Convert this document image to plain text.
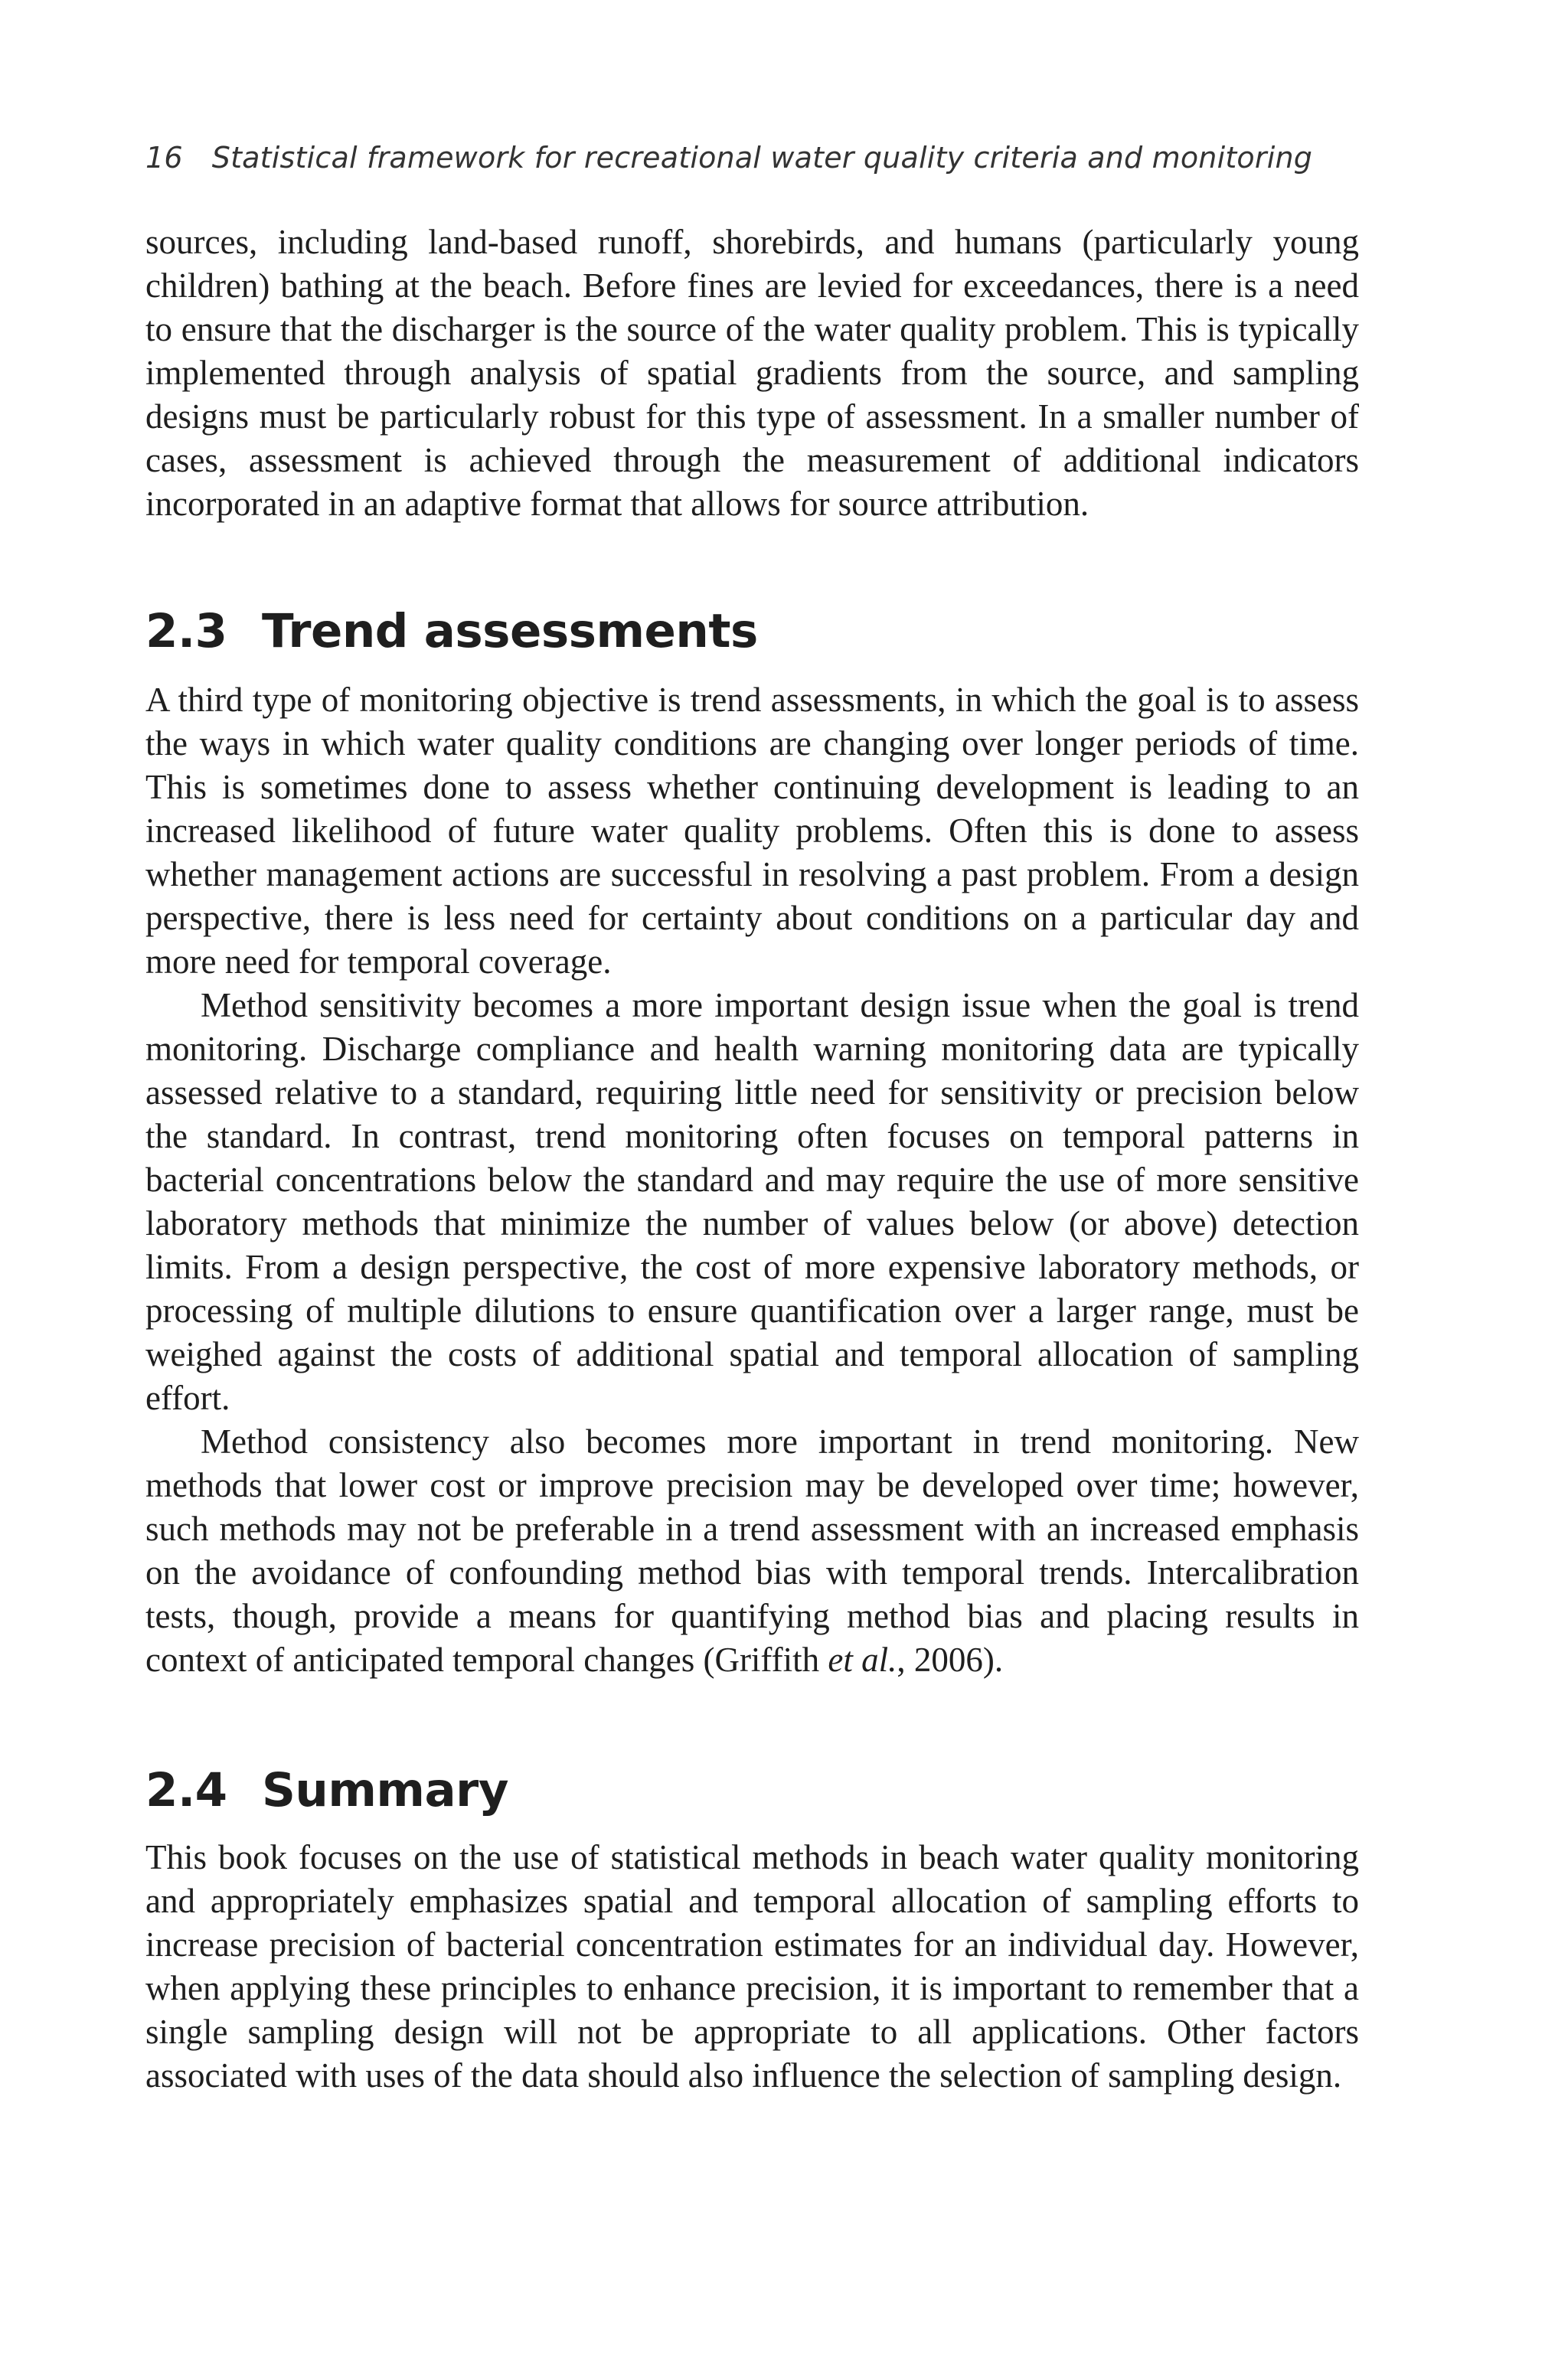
16 Statistical framework for recreational water quality criteria and monitoring

sources, including land-based runoff, shorebirds, and humans (particularly young children) bathing at the beach. Before fines are levied for exceedances, there is a need to ensure that the discharger is the source of the water quality problem. This is typically implemented through analysis of spatial gradients from the source, and sampling designs must be particularly robust for this type of assessment. In a smaller number of cases, assessment is achieved through the measurement of additional indicators incorporated in an adaptive format that allows for source attribution.

2.3 Trend assessments

A third type of monitoring objective is trend assessments, in which the goal is to assess the ways in which water quality conditions are changing over longer periods of time. This is sometimes done to assess whether continuing development is leading to an increased likelihood of future water quality problems. Often this is done to assess whether management actions are successful in resolving a past problem. From a design perspective, there is less need for certainty about conditions on a particular day and more need for temporal coverage.

Method sensitivity becomes a more important design issue when the goal is trend monitoring. Discharge compliance and health warning monitoring data are typically assessed relative to a standard, requiring little need for sensitivity or precision below the standard. In contrast, trend monitoring often focuses on temporal patterns in bacterial concentrations below the standard and may require the use of more sensitive laboratory methods that minimize the number of values below (or above) detection limits. From a design perspective, the cost of more expensive laboratory methods, or processing of multiple dilutions to ensure quantification over a larger range, must be weighed against the costs of additional spatial and temporal allocation of sampling effort.

Method consistency also becomes more important in trend monitoring. New methods that lower cost or improve precision may be developed over time; however, such methods may not be preferable in a trend assessment with an increased emphasis on the avoidance of confounding method bias with temporal trends. Intercalibration tests, though, provide a means for quantifying method bias and placing results in context of anticipated temporal changes (Griffith et al., 2006).

2.4 Summary

This book focuses on the use of statistical methods in beach water quality monitoring and appropriately emphasizes spatial and temporal allocation of sampling efforts to increase precision of bacterial concentration estimates for an individual day. However, when applying these principles to enhance precision, it is important to remember that a single sampling design will not be appropriate to all applications. Other factors associated with uses of the data should also influence the selection of sampling design.
